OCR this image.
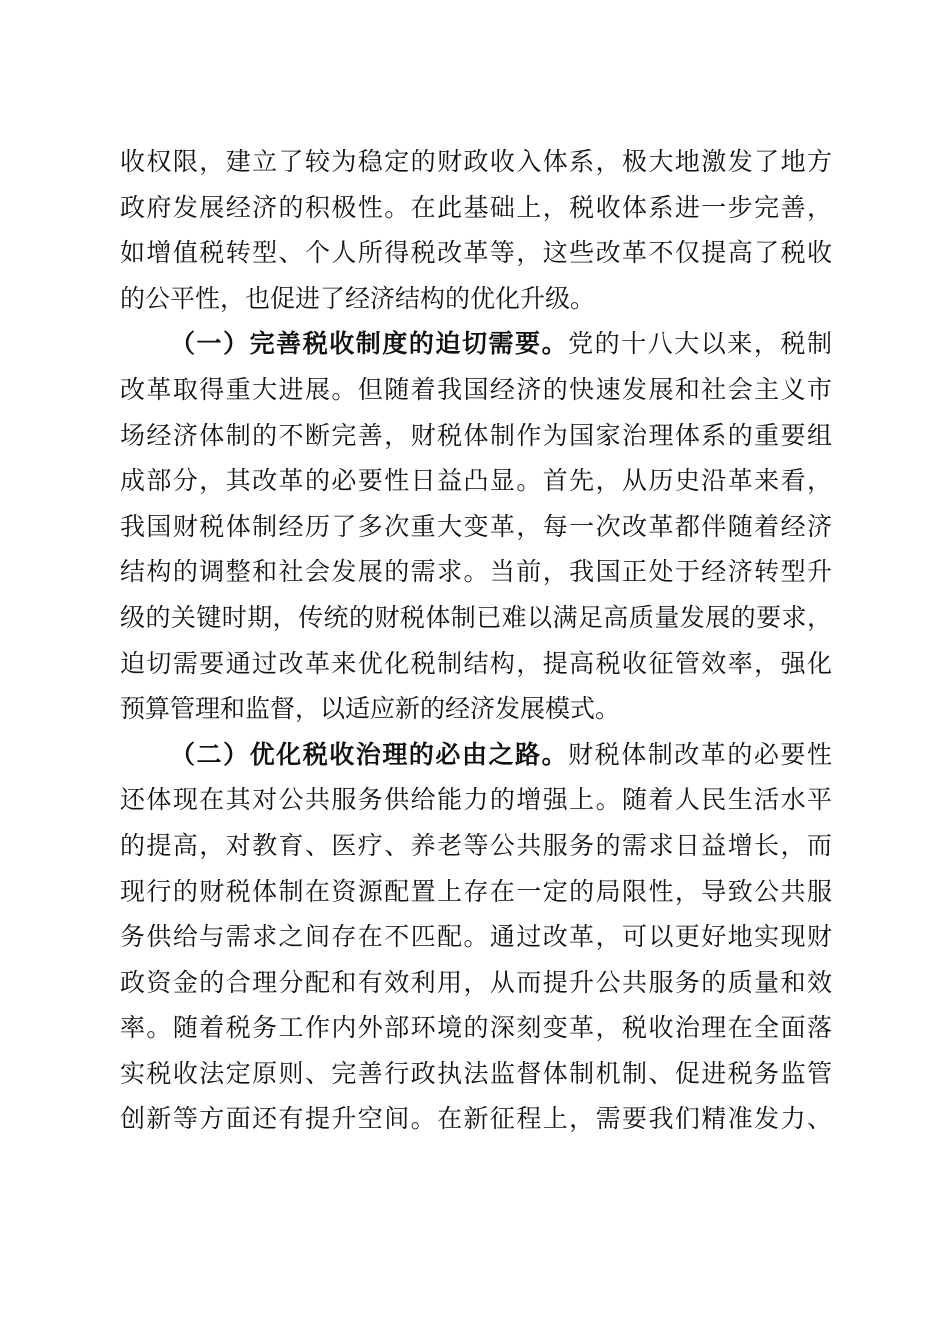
收权限，建立了较为稳定的财政收入体系，极大地激发了地方
政府发展经济的积极性。在此基础上，税收体系进一步完善，
如增值税转型、个人所得税改革等，这些改革不仅提高了税收
的公平性，也促进了经济结构的优化升级。
（一）完善税收制度的迫切需要。党的十八大以来，税制
改革取得重大进展。但随着我国经济的快速发展和社会主义市
场经济体制的不断完善，财税体制作为国家治理体系的重要组
成部分，其改革的必要性日益凸显。首先，从历史沿革来看，
我国财税体制经历了多次重大变革，每一次改革都伴随着经济
结构的调整和社会发展的需求。当前，我国正处于经济转型升
级的关键时期，传统的财税体制已难以满足高质量发展的要求，
迫切需要通过改革来优化税制结构，提高税收征管效率，强化
预算管理和监督，以适应新的经济发展模式。
（二）优化税收治理的必由之路。财税体制改革的必要性
还体现在其对公共服务供给能力的增强上。随着人民生活水平
的提高，对教育、医疗、养老等公共服务的需求日益增长，而
现行的财税体制在资源配置上存在一定的局限性，导致公共服
务供给与需求之间存在不匹配。通过改革，可以更好地实现财
政资金的合理分配和有效利用，从而提升公共服务的质量和效
率。随着税务工作内外部环境的深刻变革，税收治理在全面落
实税收法定原则、完善行政执法监督体制机制、促进税务监管
创新等方面还有提升空间。在新征程上，需要我们精准发力、
